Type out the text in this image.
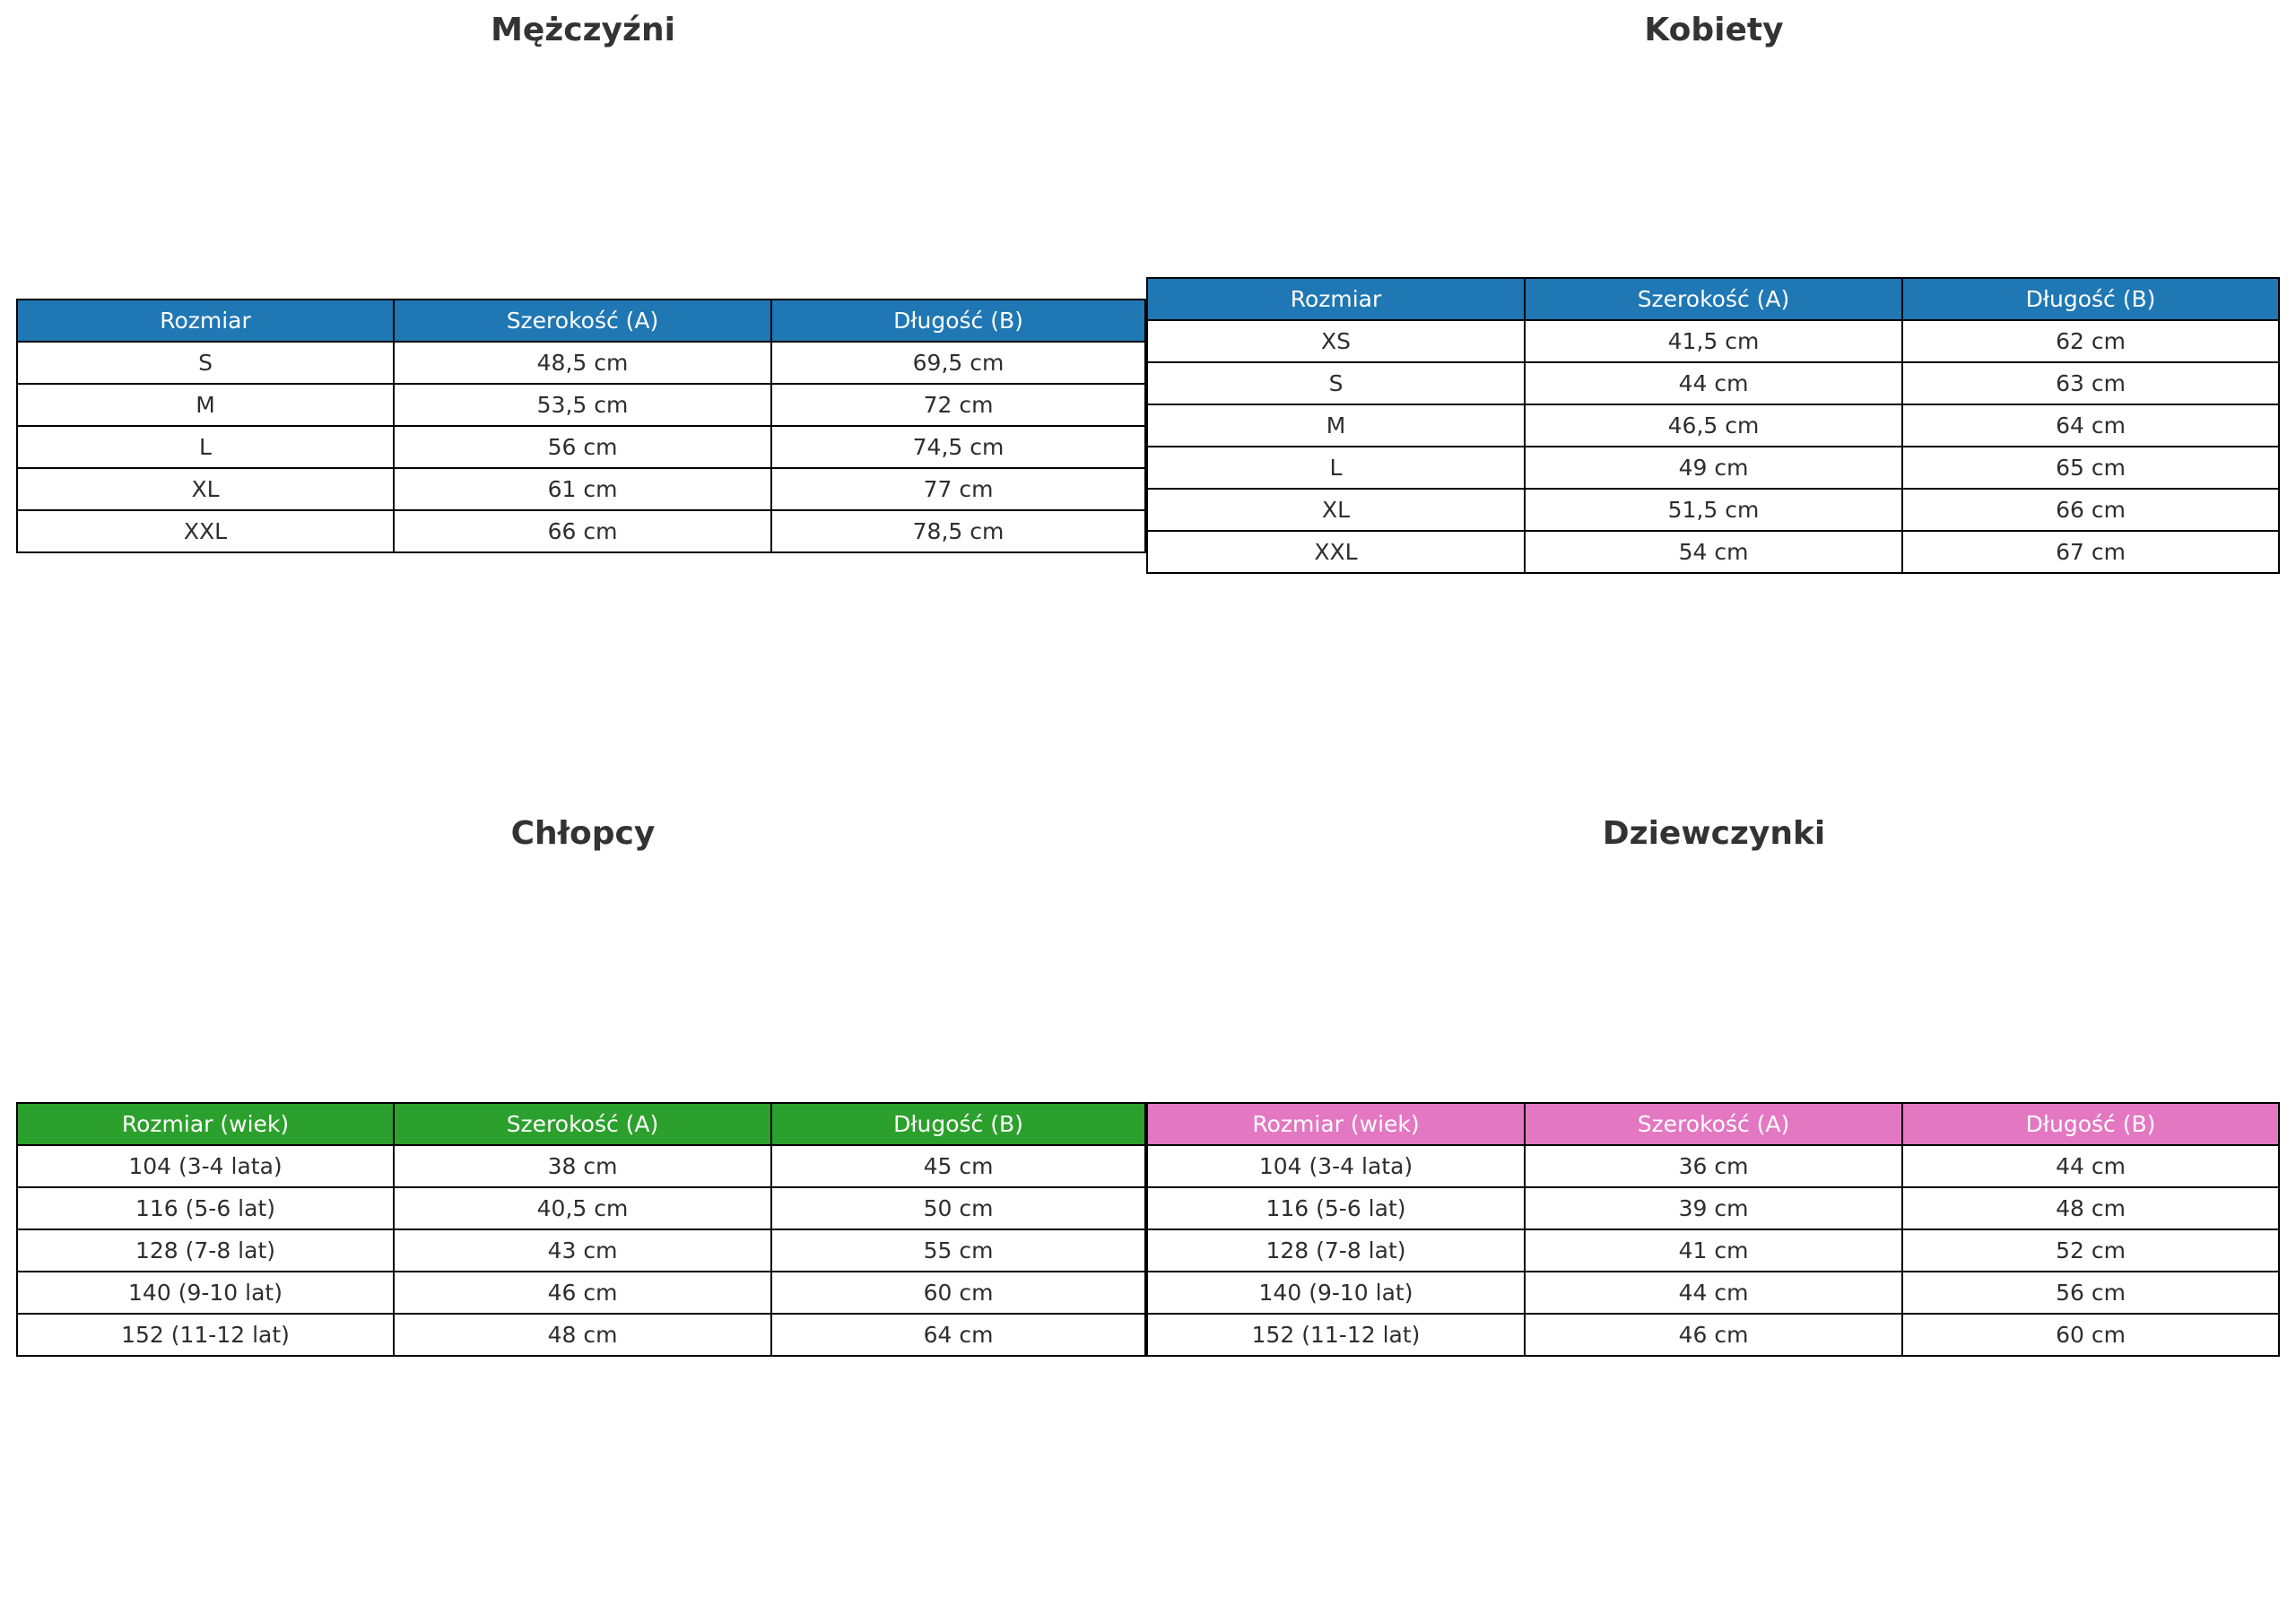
Mężczyźni	Kobiety
Chłopcy	Dziewczynki
Rozmiar	Szerokość (A)	Długość (B)
S	48,5 cm	69,5 cm
M	53,5 cm	72 cm
L	56 cm	74,5 cm
XL	61 cm	77 cm
XXL	66 cm	78,5 cm
Rozmiar	Szerokość (A)	Długość (B)
XS	41,5 cm	62 cm
S	44 cm	63 cm
M	46,5 cm	64 cm
L	49 cm	65 cm
XL	51,5 cm	66 cm
XXL	54 cm	67 cm
Rozmiar (wiek)	Szerokość (A)	Długość (B)
104 (3-4 lata)	38 cm	45 cm
116 (5-6 lat)	40,5 cm	50 cm
128 (7-8 lat)	43 cm	55 cm
140 (9-10 lat)	46 cm	60 cm
152 (11-12 lat)	48 cm	64 cm
Rozmiar (wiek)	Szerokość (A)	Długość (B)
104 (3-4 lata)	36 cm	44 cm
116 (5-6 lat)	39 cm	48 cm
128 (7-8 lat)	41 cm	52 cm
140 (9-10 lat)	44 cm	56 cm
152 (11-12 lat)	46 cm	60 cm
